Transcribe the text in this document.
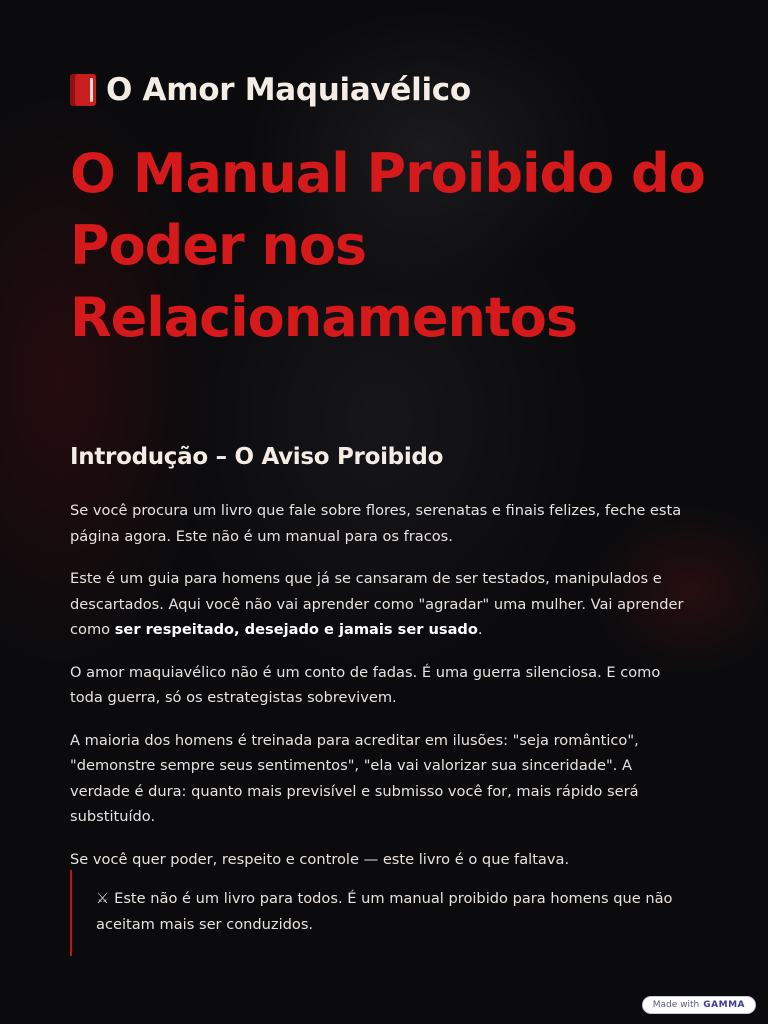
O Amor Maquiavélico
O Manual Proibido do Poder nos Relacionamentos
Introdução – O Aviso Proibido

Se você procura um livro que fale sobre flores, serenatas e finais felizes, feche esta página agora. Este não é um manual para os fracos.

Este é um guia para homens que já se cansaram de ser testados, manipulados e descartados. Aqui você não vai aprender como "agradar" uma mulher. Vai aprender como ser respeitado, desejado e jamais ser usado.

O amor maquiavélico não é um conto de fadas. É uma guerra silenciosa. E como toda guerra, só os estrategistas sobrevivem.

A maioria dos homens é treinada para acreditar em ilusões: "seja romântico", "demonstre sempre seus sentimentos", "ela vai valorizar sua sinceridade". A verdade é dura: quanto mais previsível e submisso você for, mais rápido será substituído.

Se você quer poder, respeito e controle — este livro é o que faltava.

⚔ Este não é um livro para todos. É um manual proibido para homens que não aceitam mais ser conduzidos.

Made with GAMMA
